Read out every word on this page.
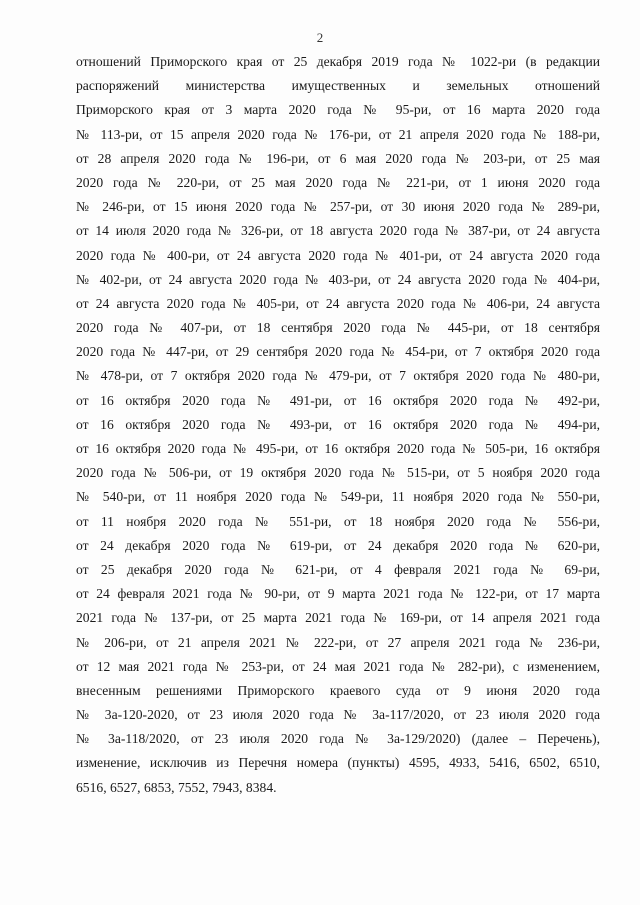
2
отношений Приморского края от 25 декабря 2019 года № 1022-ри (в редакции
распоряжений министерства имущественных и земельных отношений
Приморского края от 3 марта 2020 года № 95-ри, от 16 марта 2020 года
№ 113-ри, от 15 апреля 2020 года № 176-ри, от 21 апреля 2020 года № 188-ри,
от 28 апреля 2020 года № 196-ри, от 6 мая 2020 года № 203-ри, от 25 мая
2020 года № 220-ри, от 25 мая 2020 года № 221-ри, от 1 июня 2020 года
№ 246-ри, от 15 июня 2020 года № 257-ри, от 30 июня 2020 года № 289-ри,
от 14 июля 2020 года № 326-ри, от 18 августа 2020 года № 387-ри, от 24 августа
2020 года № 400-ри, от 24 августа 2020 года № 401-ри, от 24 августа 2020 года
№ 402-ри, от 24 августа 2020 года № 403-ри, от 24 августа 2020 года № 404-ри,
от 24 августа 2020 года № 405-ри, от 24 августа 2020 года № 406-ри, 24 августа
2020 года № 407-ри, от 18 сентября 2020 года № 445-ри, от 18 сентября
2020 года № 447-ри, от 29 сентября 2020 года № 454-ри, от 7 октября 2020 года
№ 478-ри, от 7 октября 2020 года № 479-ри, от 7 октября 2020 года № 480-ри,
от 16 октября 2020 года № 491-ри, от 16 октября 2020 года № 492-ри,
от 16 октября 2020 года № 493-ри, от 16 октября 2020 года № 494-ри,
от 16 октября 2020 года № 495-ри, от 16 октября 2020 года № 505-ри, 16 октября
2020 года № 506-ри, от 19 октября 2020 года № 515-ри, от 5 ноября 2020 года
№ 540-ри, от 11 ноября 2020 года № 549-ри, 11 ноября 2020 года № 550-ри,
от 11 ноября 2020 года № 551-ри, от 18 ноября 2020 года № 556-ри,
от 24 декабря 2020 года № 619-ри, от 24 декабря 2020 года № 620-ри,
от 25 декабря 2020 года № 621-ри, от 4 февраля 2021 года № 69-ри,
от 24 февраля 2021 года № 90-ри, от 9 марта 2021 года № 122-ри, от 17 марта
2021 года № 137-ри, от 25 марта 2021 года № 169-ри, от 14 апреля 2021 года
№ 206-ри, от 21 апреля 2021 № 222-ри, от 27 апреля 2021 года № 236-ри,
от 12 мая 2021 года № 253-ри, от 24 мая 2021 года № 282-ри), с изменением,
внесенным решениями Приморского краевого суда от 9 июня 2020 года
№ 3а-120-2020, от 23 июля 2020 года № 3а-117/2020, от 23 июля 2020 года
№ 3а-118/2020, от 23 июля 2020 года № 3а-129/2020) (далее – Перечень),
изменение, исключив из Перечня номера (пункты) 4595, 4933, 5416, 6502, 6510,
6516, 6527, 6853, 7552, 7943, 8384.
